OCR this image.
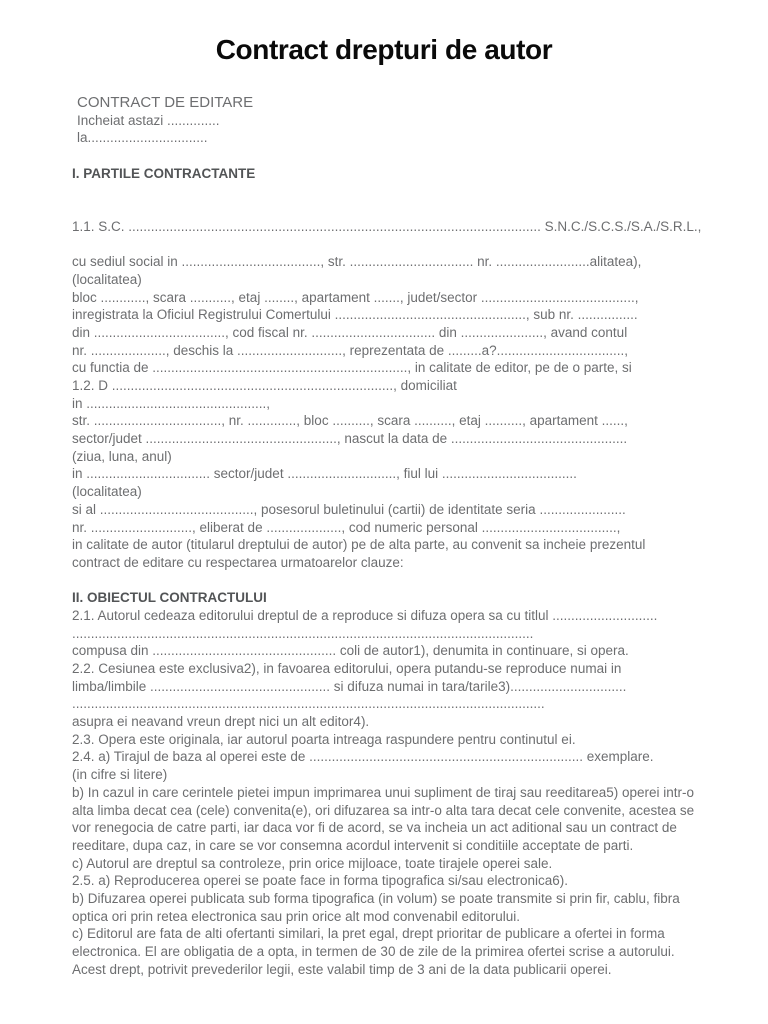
Contract drepturi de autor
CONTRACT DE EDITARE
Incheiat astazi ..............
la................................
I. PARTILE CONTRACTANTE
1.1. S.C. .............................................................................................................. S.N.C./S.C.S./S.A./S.R.L.,
cu sediul social in ....................................., str. ................................. nr. .........................alitatea),
(localitatea)
bloc ............, scara ..........., etaj ........, apartament ......., judet/sector .........................................,
inregistrata la Oficiul Registrului Comertului ..................................................., sub nr. ................
din ..................................., cod fiscal nr. ................................. din ......................, avand contul
nr. ...................., deschis la ............................, reprezentata de .........a?..................................,
cu functia de ...................................................................., in calitate de editor, pe de o parte, si
1.2. D ..........................................................................., domiciliat
in ................................................,
str. .................................., nr. ............., bloc .........., scara .........., etaj .........., apartament ......,
sector/judet ..................................................., nascut la data de ...............................................
(ziua, luna, anul)
in ................................. sector/judet ............................., fiul lui ....................................
(localitatea)
si al ........................................., posesorul buletinului (cartii) de identitate seria .......................
nr. ..........................., eliberat de ...................., cod numeric personal ....................................,
in calitate de autor (titularul dreptului de autor) pe de alta parte, au convenit sa incheie prezentul
contract de editare cu respectarea urmatoarelor clauze:
II. OBIECTUL CONTRACTULUI
2.1. Autorul cedeaza editorului dreptul de a reproduce si difuza opera sa cu titlul ............................
...........................................................................................................................
compusa din ................................................. coli de autor1), denumita in continuare, si opera.
2.2. Cesiunea este exclusiva2), in favoarea editorului, opera putandu-se reproduce numai in
limba/limbile ................................................ si difuza numai in tara/tarile3)...............................
..............................................................................................................................
asupra ei neavand vreun drept nici un alt editor4).
2.3. Opera este originala, iar autorul poarta intreaga raspundere pentru continutul ei.
2.4. a) Tirajul de baza al operei este de ......................................................................... exemplare.
(in cifre si litere)
b) In cazul in care cerintele pietei impun imprimarea unui supliment de tiraj sau reeditarea5) operei intr-o
alta limba decat cea (cele) convenita(e), ori difuzarea sa intr-o alta tara decat cele convenite, acestea se
vor renegocia de catre parti, iar daca vor fi de acord, se va incheia un act aditional sau un contract de
reeditare, dupa caz, in care se vor consemna acordul intervenit si conditiile acceptate de parti.
c) Autorul are dreptul sa controleze, prin orice mijloace, toate tirajele operei sale.
2.5. a) Reproducerea operei se poate face in forma tipografica si/sau electronica6).
b) Difuzarea operei publicata sub forma tipografica (in volum) se poate transmite si prin fir, cablu, fibra
optica ori prin retea electronica sau prin orice alt mod convenabil editorului.
c) Editorul are fata de alti ofertanti similari, la pret egal, drept prioritar de publicare a ofertei in forma
electronica. El are obligatia de a opta, in termen de 30 de zile de la primirea ofertei scrise a autorului.
Acest drept, potrivit prevederilor legii, este valabil timp de 3 ani de la data publicarii operei.
